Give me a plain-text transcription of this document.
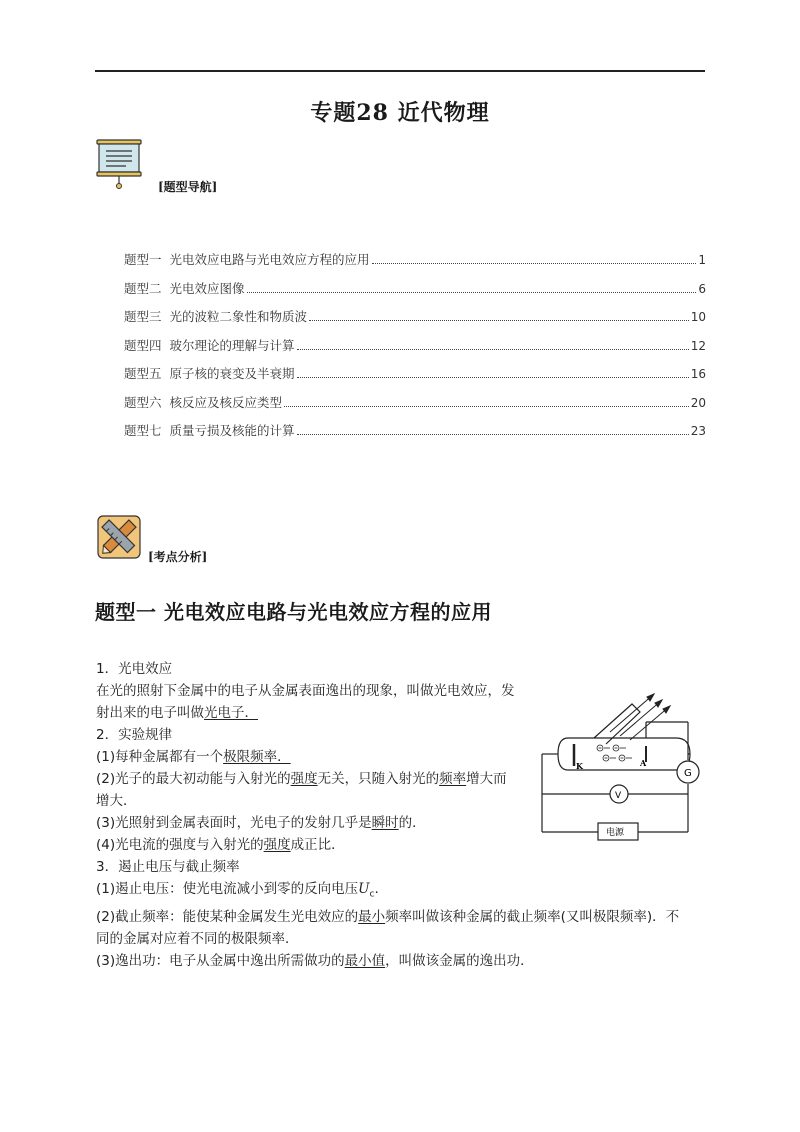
专题28 近代物理
[题型导航]
题型一 光电效应电路与光电效应方程的应用	1
题型二 光电效应图像	6
题型三 光的波粒二象性和物质波	10
题型四 玻尔理论的理解与计算	12
题型五 原子核的衰变及半衰期	16
题型六 核反应及核反应类型	20
题型七 质量亏损及核能的计算	23
[考点分析]
题型一 光电效应电路与光电效应方程的应用

1．光电效应

在光的照射下金属中的电子从金属表面逸出的现象，叫做光电效应，发

射出来的电子叫做光电子．

2．实验规律

(1)每种金属都有一个极限频率．

(2)光子的最大初动能与入射光的强度无关，只随入射光的频率增大而

增大．

(3)光照射到金属表面时，光电子的发射几乎是瞬时的．

(4)光电流的强度与入射光的强度成正比．

3．遏止电压与截止频率

(1)遏止电压：使光电流减小到零的反向电压$U_c$.

(2)截止频率：能使某种金属发生光电效应的最小频率叫做该种金属的截止频率(又叫极限频率)．不

同的金属对应着不同的极限频率．

(3)逸出功：电子从金属中逸出所需做功的最小值，叫做该金属的逸出功．

K	A
G
V
电源
